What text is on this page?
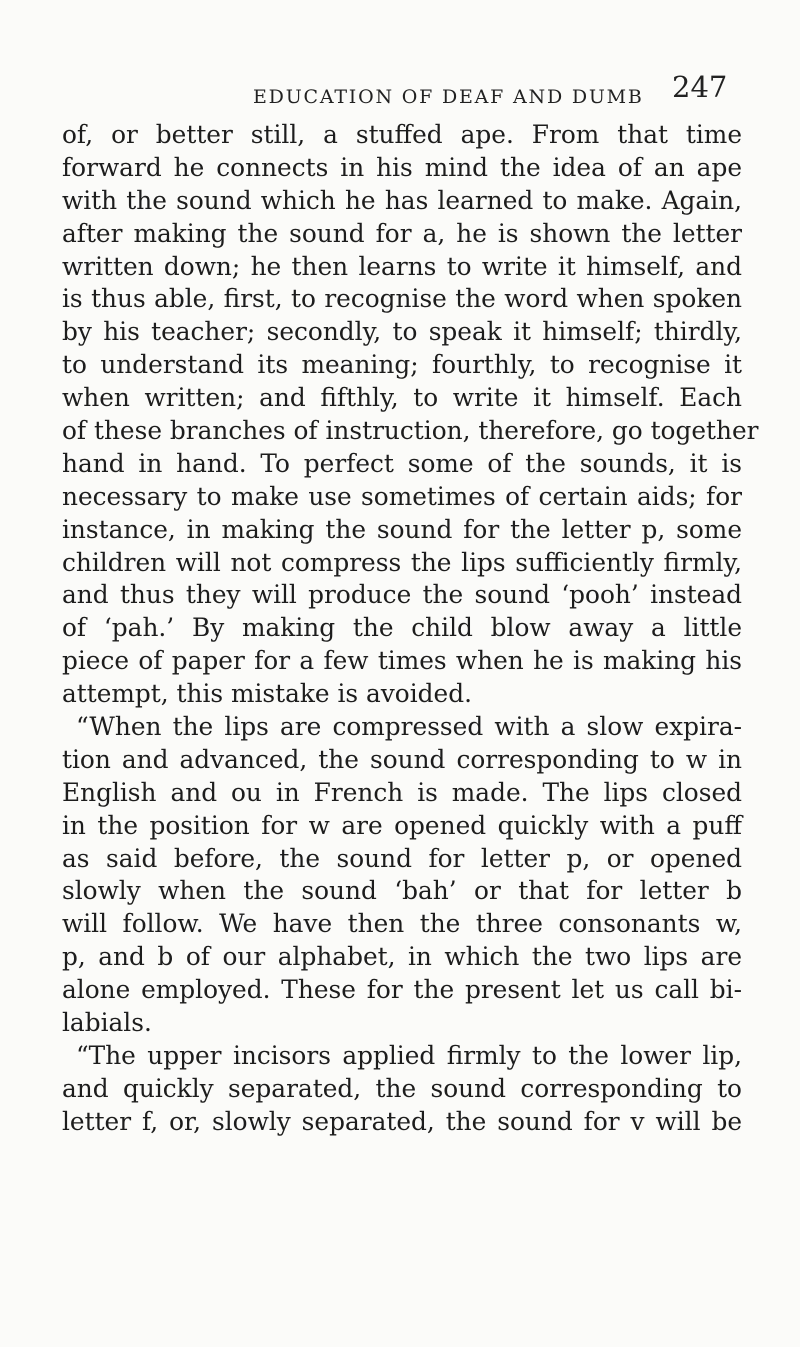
EDUCATION OF DEAF AND DUMB 247
of, or better still, a stuffed ape. From that time
forward he connects in his mind the idea of an ape
with the sound which he has learned to make. Again,
after making the sound for a, he is shown the letter
written down; he then learns to write it himself, and
is thus able, first, to recognise the word when spoken
by his teacher; secondly, to speak it himself; thirdly,
to understand its meaning; fourthly, to recognise it
when written; and fifthly, to write it himself. Each
of these branches of instruction, therefore, go together
hand in hand. To perfect some of the sounds, it is
necessary to make use sometimes of certain aids; for
instance, in making the sound for the letter p, some
children will not compress the lips sufficiently firmly,
and thus they will produce the sound ‘pooh’ instead
of ‘pah.’ By making the child blow away a little
piece of paper for a few times when he is making his
attempt, this mistake is avoided.
“When the lips are compressed with a slow expira-
tion and advanced, the sound corresponding to w in
English and ou in French is made. The lips closed
in the position for w are opened quickly with a puff
as said before, the sound for letter p, or opened
slowly when the sound ‘bah’ or that for letter b
will follow. We have then the three consonants w,
p, and b of our alphabet, in which the two lips are
alone employed. These for the present let us call bi-
labials.
“The upper incisors applied firmly to the lower lip,
and quickly separated, the sound corresponding to
letter f, or, slowly separated, the sound for v will be
